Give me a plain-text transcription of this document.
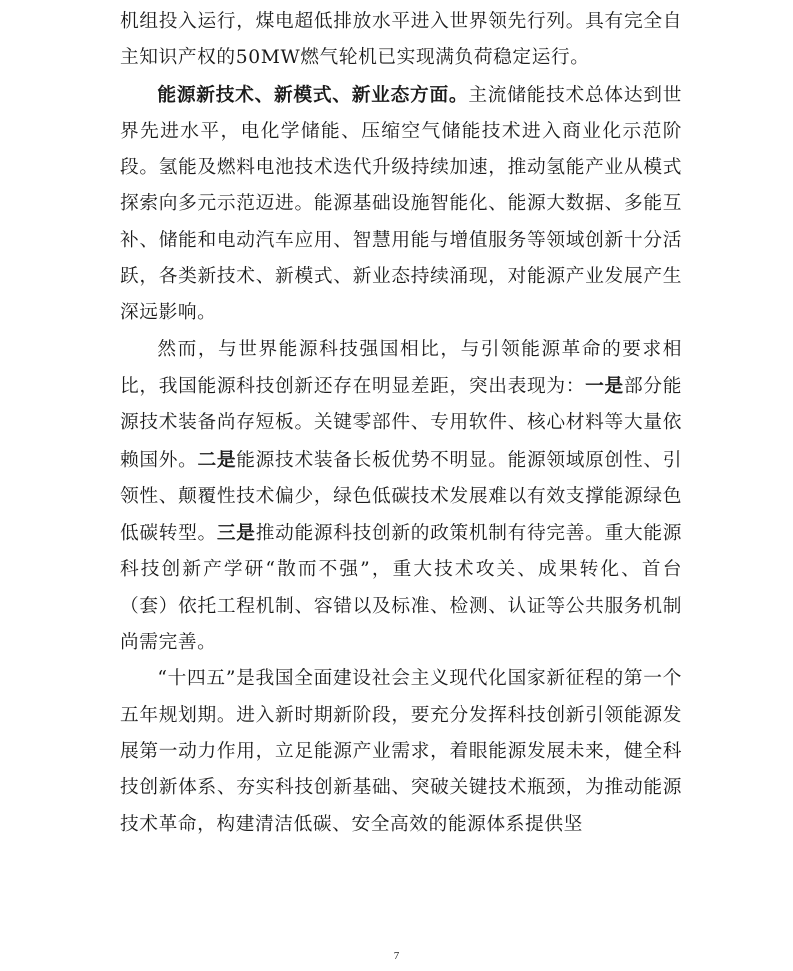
机组投入运行，煤电超低排放水平进入世界领先行列。具有完全自主知识产权的50MW燃气轮机已实现满负荷稳定运行。

能源新技术、新模式、新业态方面。主流储能技术总体达到世界先进水平，电化学储能、压缩空气储能技术进入商业化示范阶段。氢能及燃料电池技术迭代升级持续加速，推动氢能产业从模式探索向多元示范迈进。能源基础设施智能化、能源大数据、多能互补、储能和电动汽车应用、智慧用能与增值服务等领域创新十分活跃，各类新技术、新模式、新业态持续涌现，对能源产业发展产生深远影响。

然而，与世界能源科技强国相比，与引领能源革命的要求相比，我国能源科技创新还存在明显差距，突出表现为：一是部分能源技术装备尚存短板。关键零部件、专用软件、核心材料等大量依赖国外。二是能源技术装备长板优势不明显。能源领域原创性、引领性、颠覆性技术偏少，绿色低碳技术发展难以有效支撑能源绿色低碳转型。三是推动能源科技创新的政策机制有待完善。重大能源科技创新产学研“散而不强”，重大技术攻关、成果转化、首台（套）依托工程机制、容错以及标准、检测、认证等公共服务机制尚需完善。

“十四五”是我国全面建设社会主义现代化国家新征程的第一个五年规划期。进入新时期新阶段，要充分发挥科技创新引领能源发展第一动力作用，立足能源产业需求，着眼能源发展未来，健全科技创新体系、夯实科技创新基础、突破关键技术瓶颈，为推动能源技术革命，构建清洁低碳、安全高效的能源体系提供坚

7
